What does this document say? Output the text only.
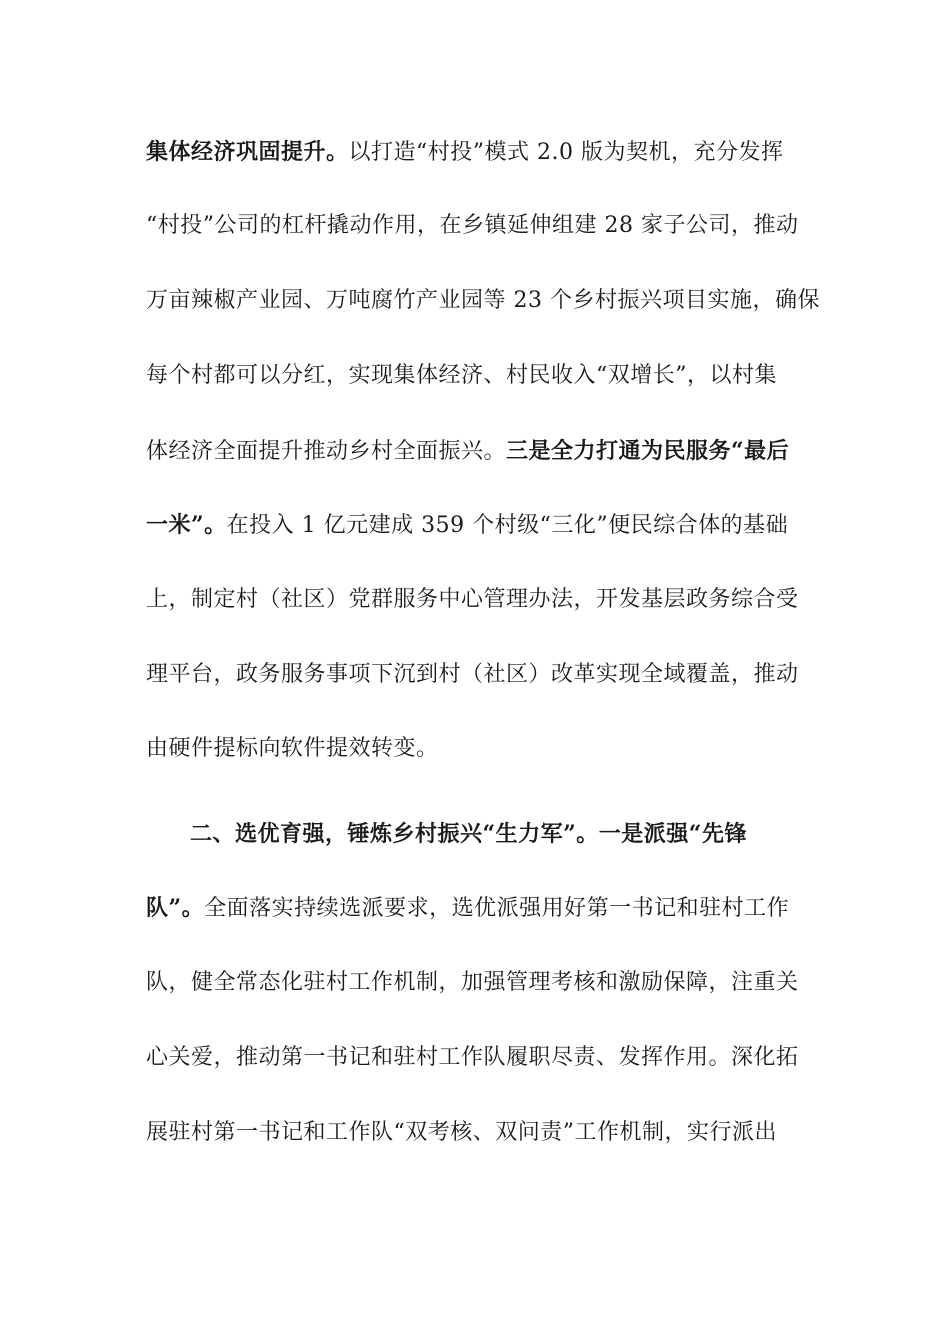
集体经济巩固提升。以打造“村投”模式 2.0 版为契机，充分发挥
“村投”公司的杠杆撬动作用，在乡镇延伸组建 28 家子公司，推动
万亩辣椒产业园、万吨腐竹产业园等 23 个乡村振兴项目实施，确保
每个村都可以分红，实现集体经济、村民收入“双增长”，以村集
体经济全面提升推动乡村全面振兴。三是全力打通为民服务“最后
一米”。在投入 1 亿元建成 359 个村级“三化”便民综合体的基础
上，制定村（社区）党群服务中心管理办法，开发基层政务综合受
理平台，政务服务事项下沉到村（社区）改革实现全域覆盖，推动
由硬件提标向软件提效转变。
二、选优育强，锤炼乡村振兴“生力军”。一是派强“先锋
队”。全面落实持续选派要求，选优派强用好第一书记和驻村工作
队，健全常态化驻村工作机制，加强管理考核和激励保障，注重关
心关爱，推动第一书记和驻村工作队履职尽责、发挥作用。深化拓
展驻村第一书记和工作队“双考核、双问责”工作机制，实行派出
